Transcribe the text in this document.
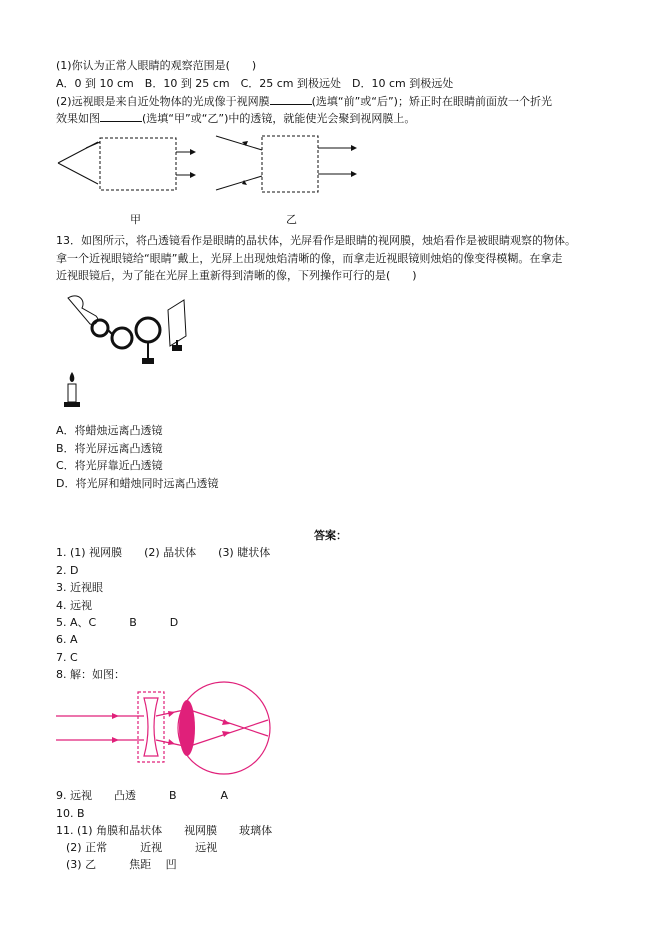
(1)你认为正常人眼睛的观察范围是(　　)
A．0 到 10 cm　B．10 到 25 cm　C．25 cm 到极远处　D．10 cm 到极远处
(2)远视眼是来自近处物体的光成像于视网膜	(选填“前”或“后”)；矫正时在眼睛前面放一个折光
效果如图	(选填“甲”或“乙”)中的透镜，就能使光会聚到视网膜上。
甲	乙
13．如图所示，将凸透镜看作是眼睛的晶状体，光屏看作是眼睛的视网膜，烛焰看作是被眼睛观察的物体。
拿一个近视眼镜给“眼睛”戴上，光屏上出现烛焰清晰的像，而拿走近视眼镜则烛焰的像变得模糊。在拿走
近视眼镜后，为了能在光屏上重新得到清晰的像，下列操作可行的是(　　)
A．将蜡烛远离凸透镜
B．将光屏远离凸透镜
C．将光屏靠近凸透镜
D．将光屏和蜡烛同时远离凸透镜
答案：
1. (1) 视网膜　　(2) 晶状体　　(3) 睫状体
2. D
3. 近视眼
4. 远视
5. A、C　　　B　　　D
6. A
7. C
8. 解：如图：
9. 远视　　凸透　　　B　　　　A
10. B
11. (1) 角膜和晶状体　　视网膜　　玻璃体
(2) 正常　　　近视　　　远视
(3) 乙　　　焦距　 凹
